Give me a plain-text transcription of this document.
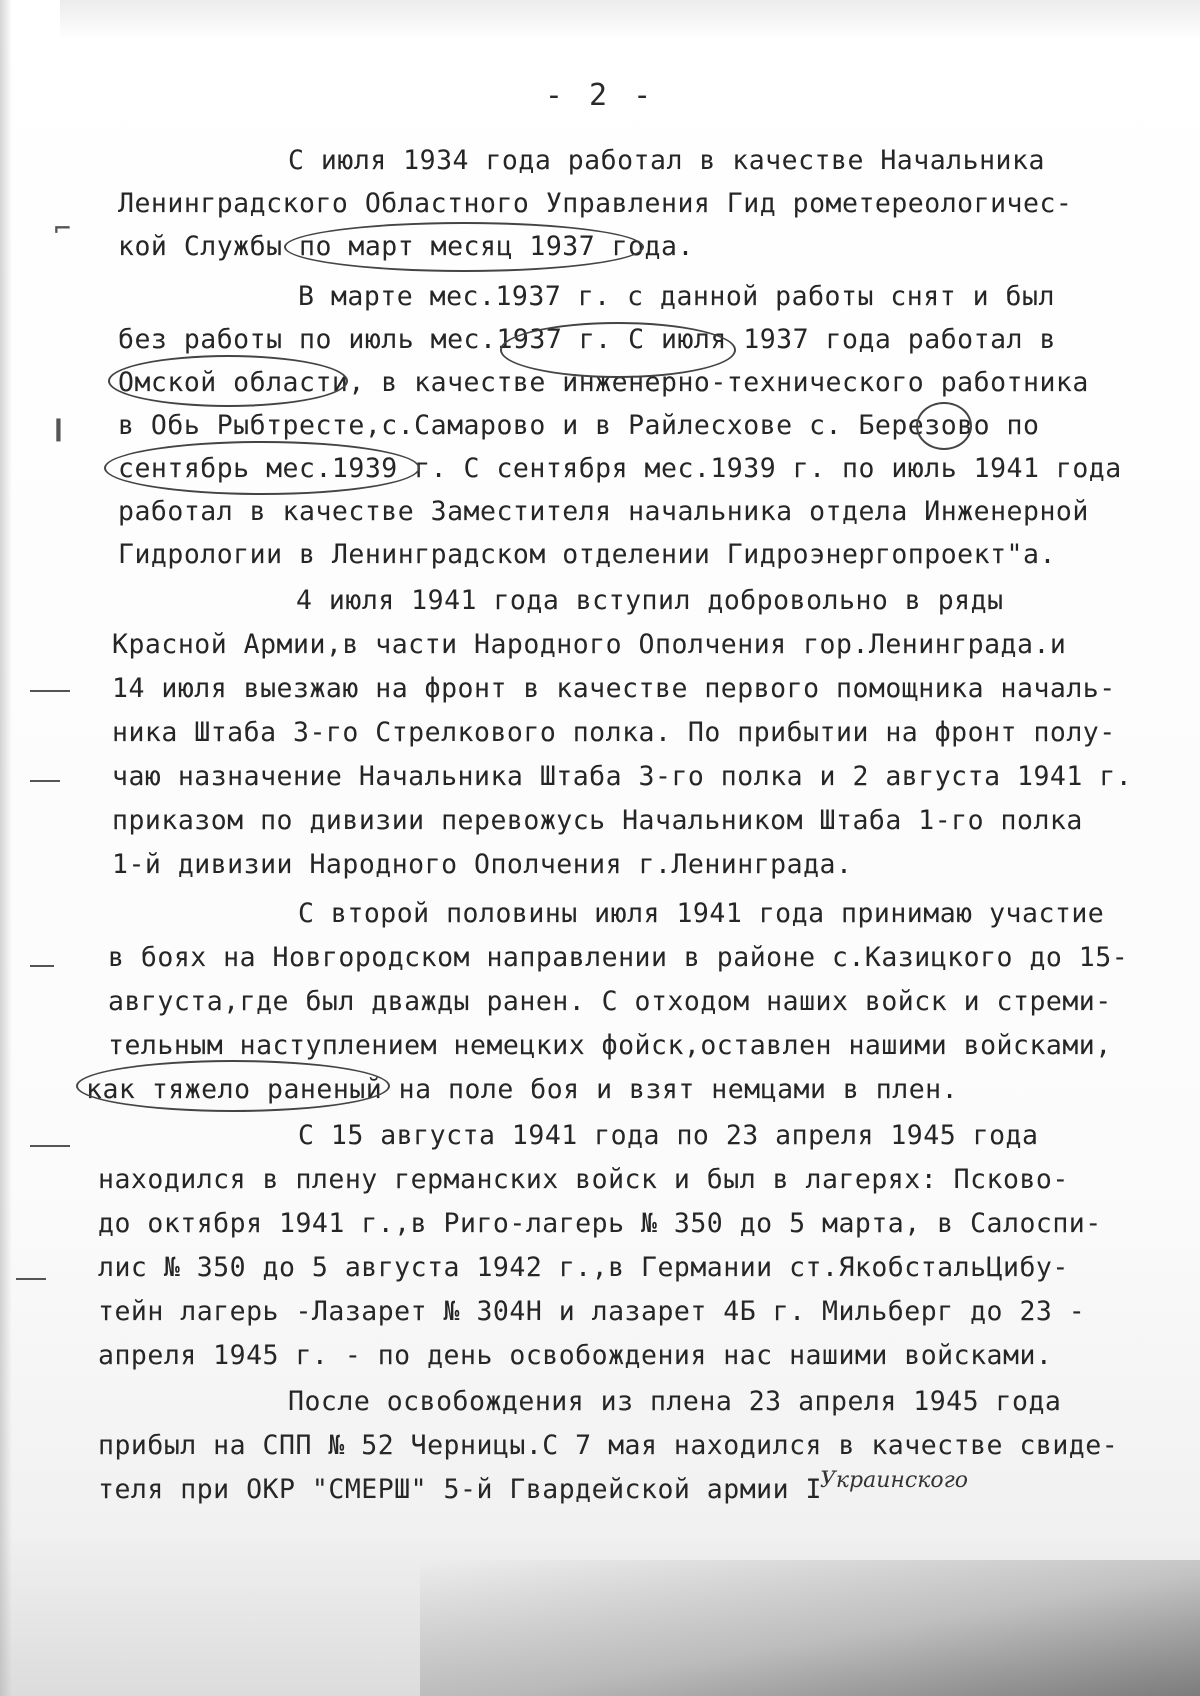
- 2 -
С июля 1934 года работал в качестве Начальника
Ленинградского Областного Управления Гид рометереологичес-
кой Службы по март месяц 1937 года.
В марте мес.1937 г. с данной работы снят и был
без работы по июль мес.1937 г. С июля 1937 года работал в
Омской области, в качестве инженерно-технического работника
в Обь Рыбтресте,с.Самарово и в Райлесхове с. Березово по
сентябрь мес.1939 г. С сентября мес.1939 г. по июль 1941 года
работал в качестве Заместителя начальника отдела Инженерной
Гидрологии в Ленинградском отделении Гидроэнергопроект"а.
4 июля 1941 года вступил добровольно в ряды
Красной Армии,в части Народного Ополчения гор.Ленинграда.и
14 июля выезжаю на фронт в качестве первого помощника началь-
ника Штаба 3-го Стрелкового полка. По прибытии на фронт полу-
чаю назначение Начальника Штаба 3-го полка и 2 августа 1941 г.
приказом по дивизии перевожусь Начальником Штаба 1-го полка
1-й дивизии Народного Ополчения г.Ленинграда.
С второй половины июля 1941 года принимаю участие
в боях на Новгородском направлении в районе с.Казицкого до 15-
августа,где был дважды ранен. С отходом наших войск и стреми-
тельным наступлением немецких фойск,оставлен нашими войсками,
как тяжело раненый на поле боя и взят немцами в плен.
С 15 августа 1941 года по 23 апреля 1945 года
находился в плену германских войск и был в лагерях: Псково-
до октября 1941 г.,в Риго-лагерь № 350 до 5 марта, в Салоспи-
лис № 350 до 5 августа 1942 г.,в Германии ст.ЯкобстальЦибу-
тейн лагерь -Лазарет № 304Н и лазарет 4Б г. Мильберг до 23 -
апреля 1945 г. - по день освобождения нас нашими войсками.
После освобождения из плена 23 апреля 1945 года
прибыл на СПП № 52 Черницы.С 7 мая находился в качестве свиде-
теля при ОКР "СМЕРШ" 5-й Гвардейской армии I
Украинского
⌐
❙
